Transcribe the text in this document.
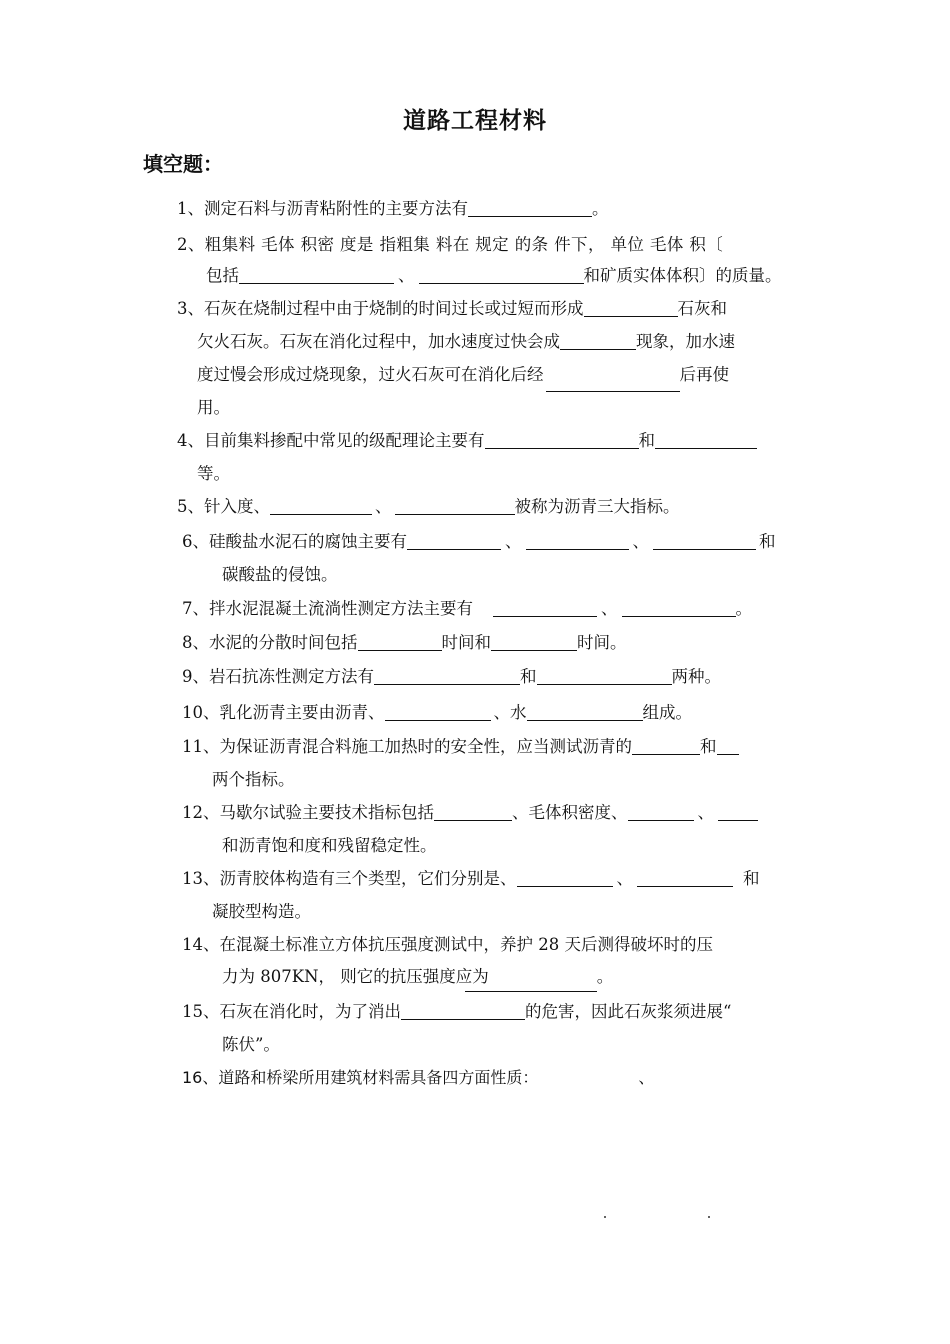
道路工程材料
填空题：
1、测定石料与沥青粘附性的主要方法有	。
2、粗集料 毛体 积密 度是 指粗集 料在 规定 的条 件下， 单位 毛体 积〔
包括	、	和矿质实体体积〕的质量。
3、石灰在烧制过程中由于烧制的时间过长或过短而形成	石灰和
欠火石灰。石灰在消化过程中，加水速度过快会成	现象，加水速
度过慢会形成过烧现象，过火石灰可在消化后经	后再使
用。
4、目前集料掺配中常见的级配理论主要有	和
等。
5、针入度、	、	被称为沥青三大指标。
6、硅酸盐水泥石的腐蚀主要有	、	、	和
碳酸盐的侵蚀。
7、拌水泥混凝土流淌性测定方法主要有	、	。
8、水泥的分散时间包括	时间和	时间。
9、岩石抗冻性测定方法有	和	两种。
10、乳化沥青主要由沥青、	、水	组成。
11、为保证沥青混合料施工加热时的安全性，应当测试沥青的	和
两个指标。
12、马歇尔试验主要技术指标包括	、毛体积密度、	、
和沥青饱和度和残留稳定性。
13、沥青胶体构造有三个类型，它们分别是、	、	和
凝胶型构造。
14、在混凝土标准立方体抗压强度测试中，养护 28 天后测得破坏时的压
力为 807KN， 则它的抗压强度应为	。
15、石灰在消化时，为了消出	的危害，因此石灰浆须进展“
陈伏”。
16、道路和桥梁所用建筑材料需具备四方面性质：	、
